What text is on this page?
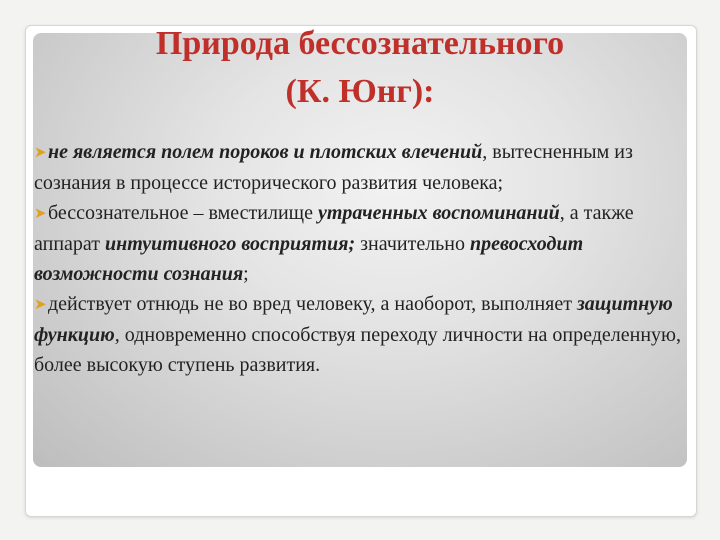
Природа бессознательного
(К. Юнг):

➤не является полем пороков и плотских влечений, вытесненным из сознания в процессе исторического развития человека;

➤бессознательное – вместилище утраченных воспоминаний, а также аппарат интуитивного восприятия; значительно превосходит возможности сознания;

➤действует отнюдь не во вред человеку, а наоборот, выполняет защитную функцию, одновременно способствуя переходу личности на определенную, более высокую ступень развития.
